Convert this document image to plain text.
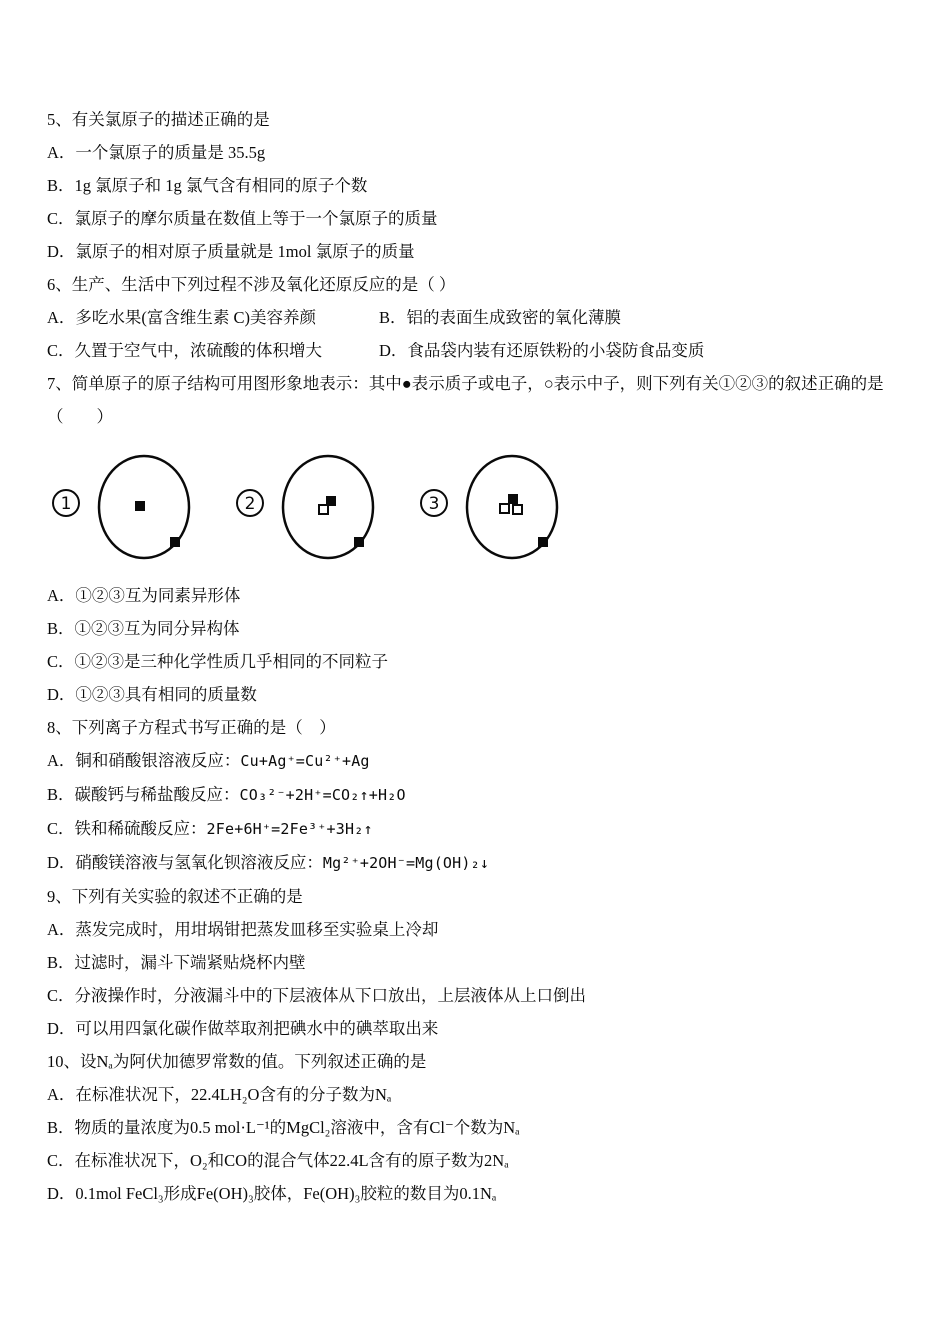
5、有关氯原子的描述正确的是
A．一个氯原子的质量是 35.5g
B．1g 氯原子和 1g 氯气含有相同的原子个数
C．氯原子的摩尔质量在数值上等于一个氯原子的质量
D．氯原子的相对原子质量就是 1mol 氯原子的质量
6、生产、生活中下列过程不涉及氧化还原反应的是（ ）
A．多吃水果(富含维生素 C)美容养颜	B．铝的表面生成致密的氧化薄膜
C．久置于空气中，浓硫酸的体积增大	D．食品袋内装有还原铁粉的小袋防食品变质
7、简单原子的原子结构可用图形象地表示：其中●表示质子或电子，○表示中子，则下列有关①②③的叙述正确的是
（　　）
1	2	3
A．①②③互为同素异形体
B．①②③互为同分异构体
C．①②③是三种化学性质几乎相同的不同粒子
D．①②③具有相同的质量数
8、下列离子方程式书写正确的是（　）
A．铜和硝酸银溶液反应：Cu+Ag⁺=Cu²⁺+Ag
B．碳酸钙与稀盐酸反应：CO₃²⁻+2H⁺=CO₂↑+H₂O
C．铁和稀硫酸反应：2Fe+6H⁺=2Fe³⁺+3H₂↑
D．硝酸镁溶液与氢氧化钡溶液反应：Mg²⁺+2OH⁻=Mg(OH)₂↓
9、下列有关实验的叙述不正确的是
A．蒸发完成时，用坩埚钳把蒸发皿移至实验桌上冷却
B．过滤时，漏斗下端紧贴烧杯内壁
C．分液操作时，分液漏斗中的下层液体从下口放出，上层液体从上口倒出
D．可以用四氯化碳作做萃取剂把碘水中的碘萃取出来
10、设Nₐ为阿伏加德罗常数的值。下列叙述正确的是
A．在标准状况下，22.4LH₂O含有的分子数为Nₐ
B．物质的量浓度为0.5 mol·L⁻¹的MgCl₂溶液中，含有Cl⁻个数为Nₐ
C．在标准状况下，O₂和CO的混合气体22.4L含有的原子数为2Nₐ
D．0.1mol FeCl₃形成Fe(OH)₃胶体，Fe(OH)₃胶粒的数目为0.1Nₐ
